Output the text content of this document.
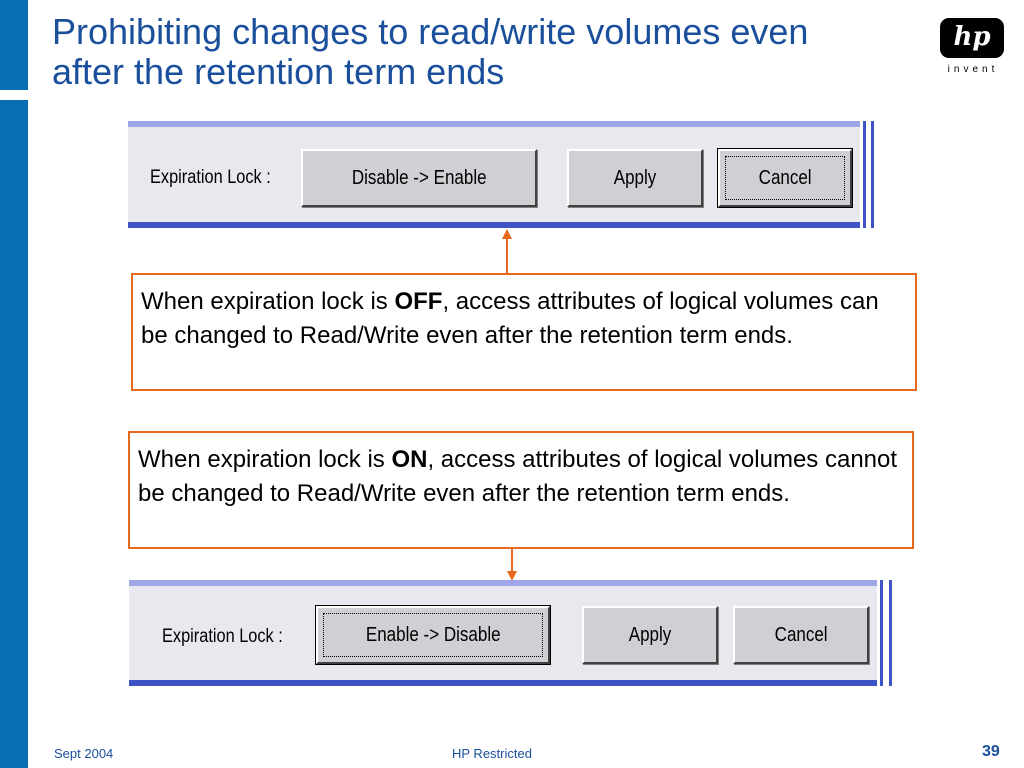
Prohibiting changes to read/write volumes even
after the retention term ends
hp
invent
Expiration Lock :	Disable -> Enable	Apply	Cancel
When expiration lock is OFF, access attributes of logical volumes can be changed to Read/Write even after the retention term ends.
When expiration lock is ON, access attributes of logical volumes cannot be changed to Read/Write even after the retention term ends.
Expiration Lock :	Enable -> Disable	Apply	Cancel
Sept 2004	HP Restricted	39
